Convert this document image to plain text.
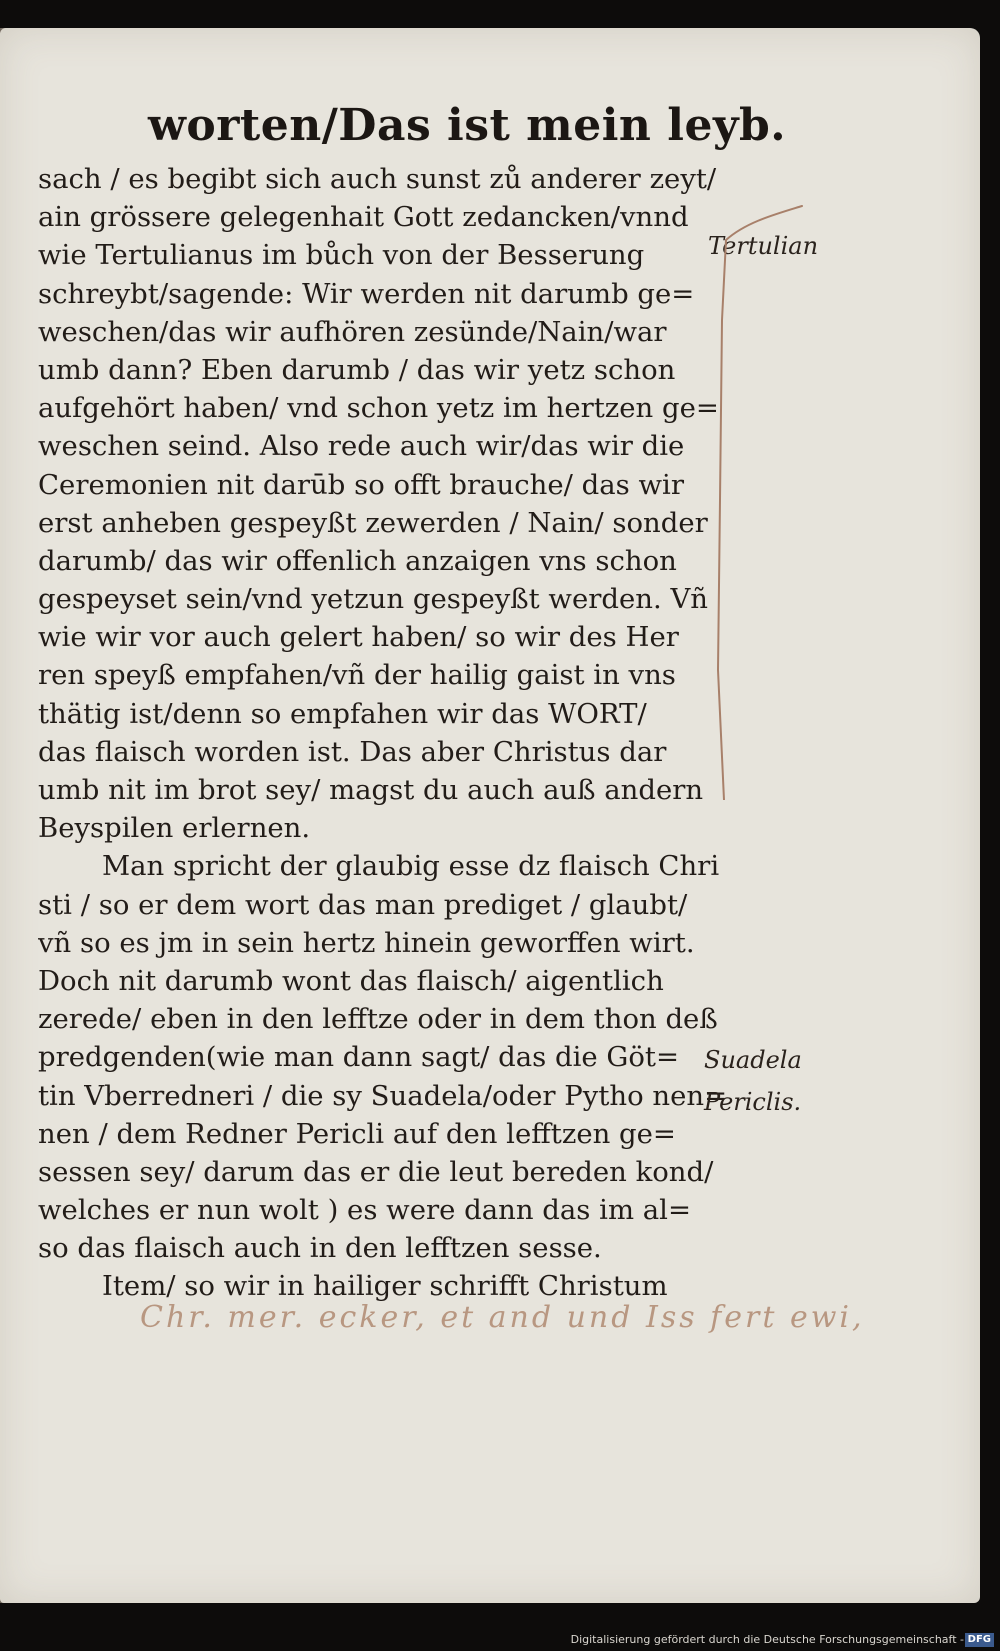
worten/Das ist mein leyb.
sach / es begibt sich auch sunst zů anderer zeyt/
ain grössere gelegenhait Gott zedancken/vnnd
wie Tertulianus im bůch von der Besserung
schreybt/sagende: Wir werden nit darumb ge=
weschen/das wir aufhören zesünde/Nain/war
umb dann? Eben darumb / das wir yetz schon
aufgehört haben/ vnd schon yetz im hertzen ge=
weschen seind. Also rede auch wir/das wir die
Ceremonien nit darūb so offt brauche/ das wir
erst anheben gespeyßt zewerden / Nain/ sonder
darumb/ das wir offenlich anzaigen vns schon
gespeyset sein/vnd yetzun gespeyßt werden. Vñ
wie wir vor auch gelert haben/ so wir des Her
ren speyß empfahen/vñ der hailig gaist in vns
thätig ist/denn so empfahen wir das WORT/
das flaisch worden ist. Das aber Christus dar
umb nit im brot sey/ magst du auch auß andern
Beyspilen erlernen.
Man spricht der glaubig esse dz flaisch Chri
sti / so er dem wort das man prediget / glaubt/
vñ so es jm in sein hertz hinein geworffen wirt.
Doch nit darumb wont das flaisch/ aigentlich
zerede/ eben in den lefftze oder in dem thon deß
predgenden(wie man dann sagt/ das die Göt=
tin Vberredneri / die sy Suadela/oder Pytho nen=
nen / dem Redner Pericli auf den lefftzen ge=
sessen sey/ darum das er die leut bereden kond/
welches er nun wolt ) es were dann das im al=
so das flaisch auch in den lefftzen sesse.
Item/ so wir in hailiger schrifft Christum
Tertulian
Suadela
Periclis.
Chr. mer. ecker, et and und Iss fert ewi,
Digitalisierung gefördert durch die Deutsche Forschungsgemeinschaft - DFG
